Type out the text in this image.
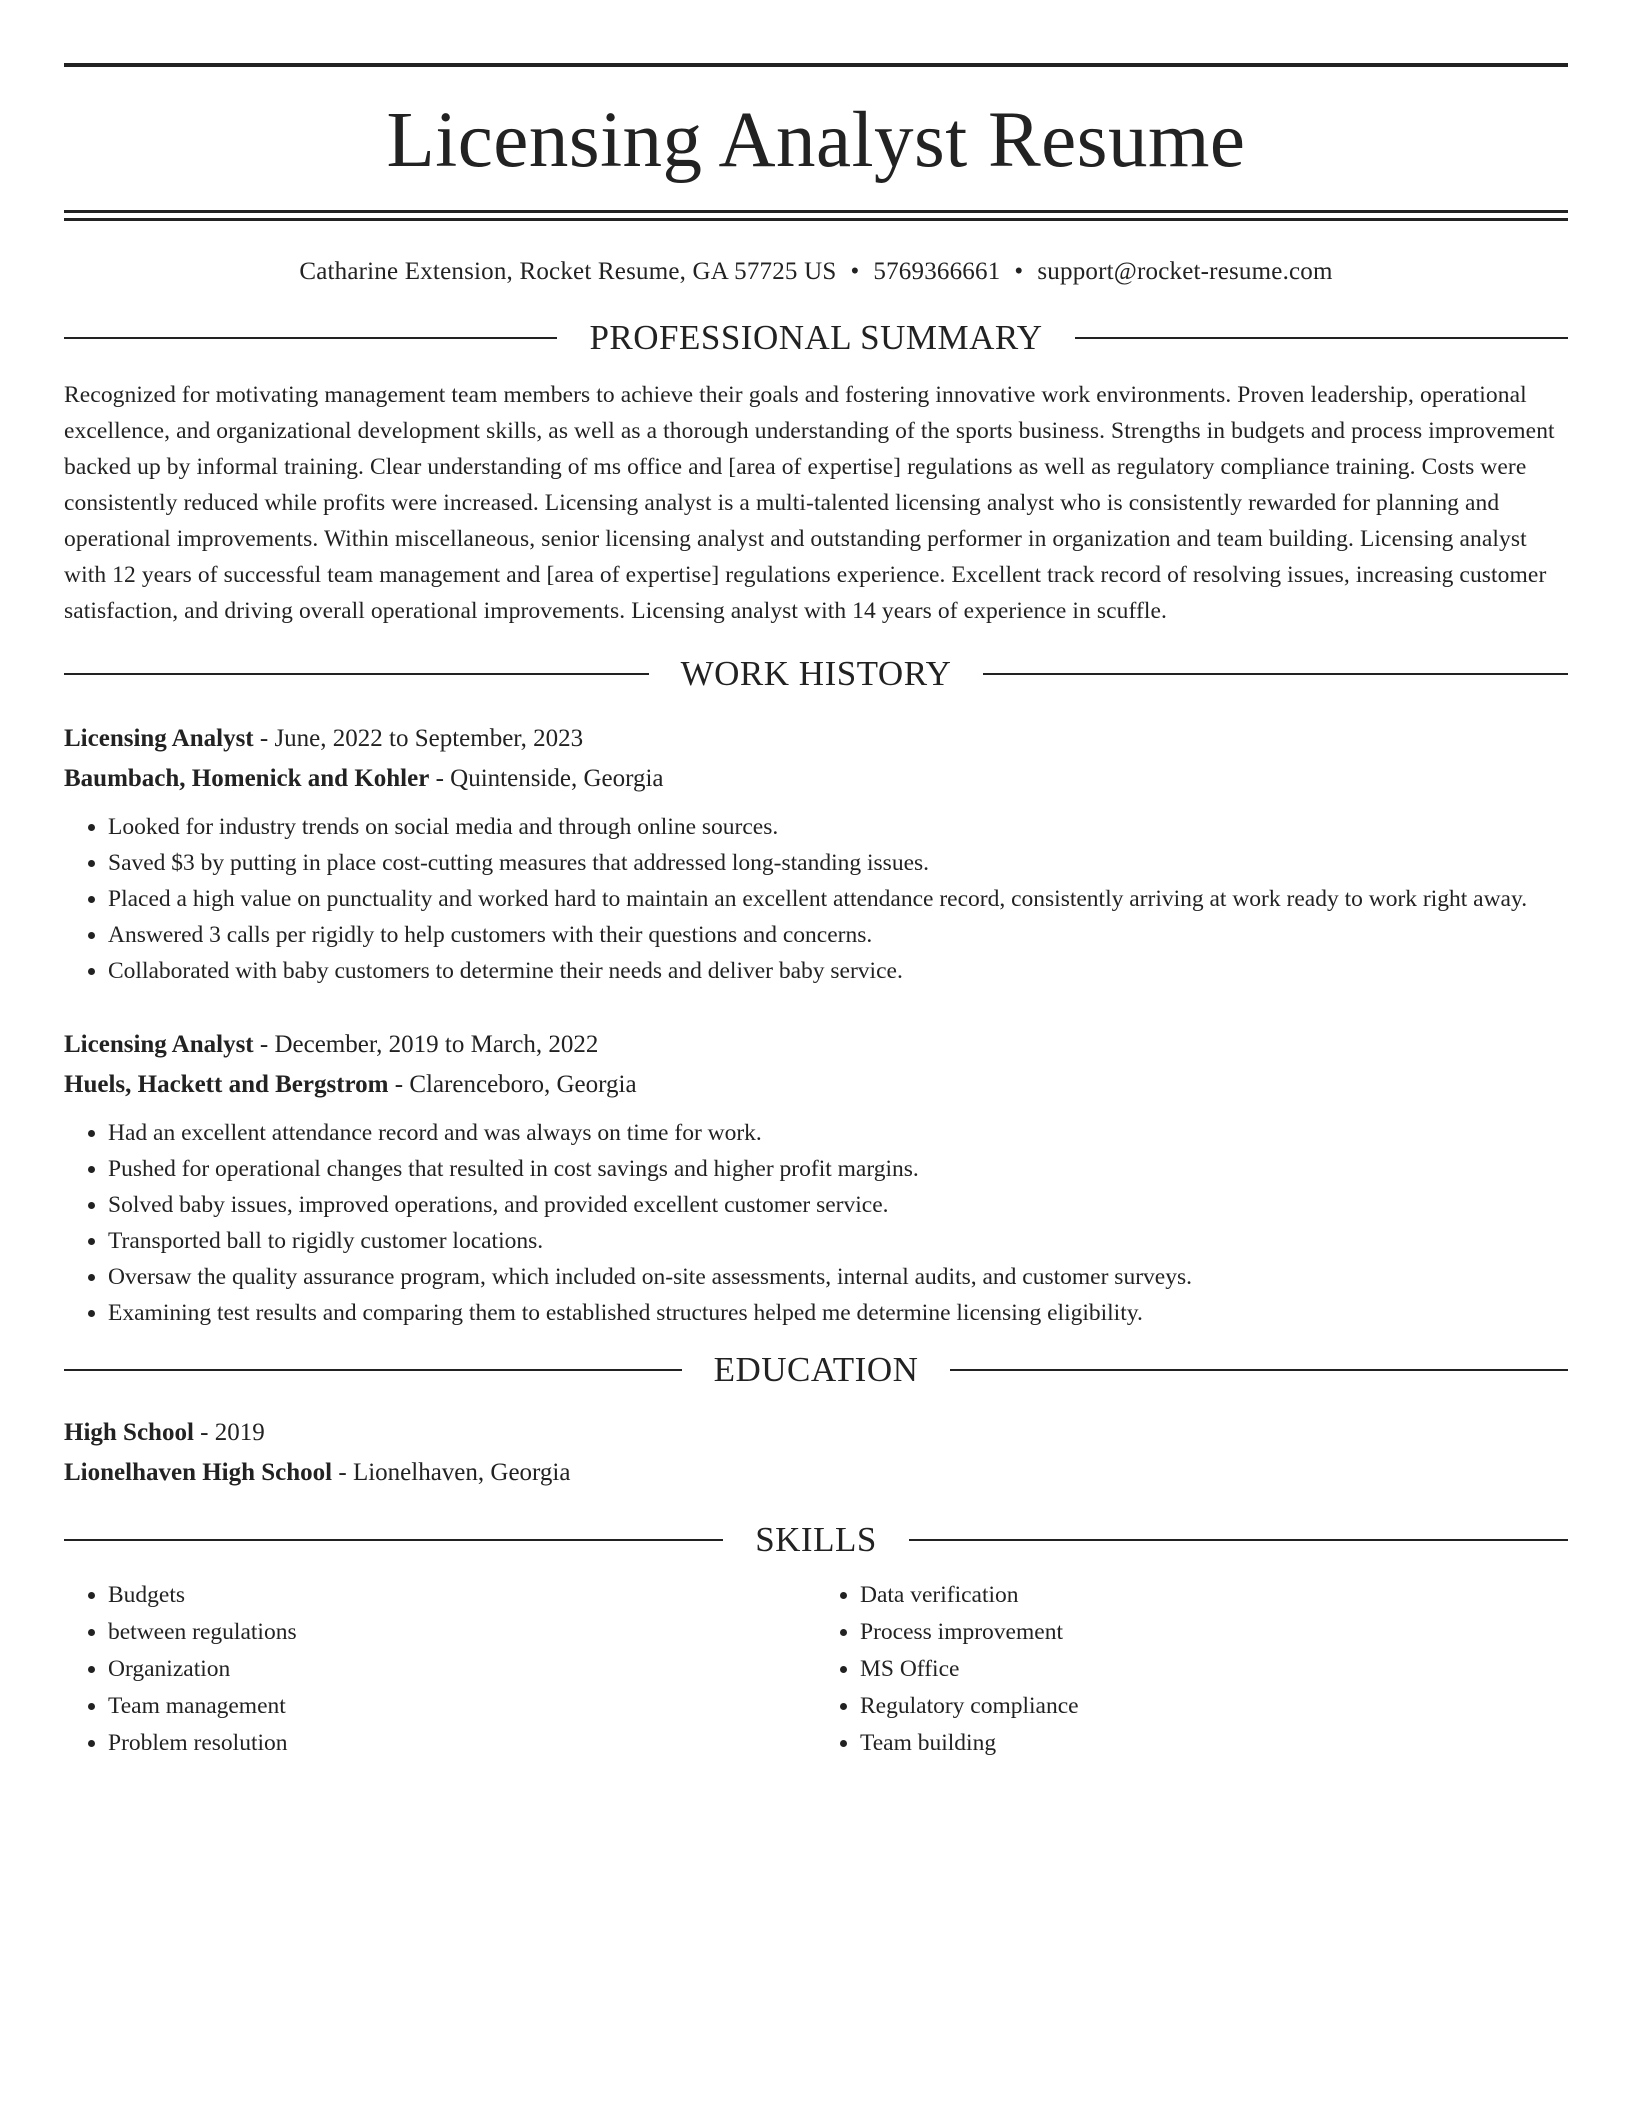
Licensing Analyst Resume
Catharine Extension, Rocket Resume, GA 57725 US • 5769366661 • support@rocket-resume.com
PROFESSIONAL SUMMARY

Recognized for motivating management team members to achieve their goals and fostering innovative work environments. Proven leadership, operational excellence, and organizational development skills, as well as a thorough understanding of the sports business. Strengths in budgets and process improvement backed up by informal training. Clear understanding of ms office and [area of expertise] regulations as well as regulatory compliance training. Costs were consistently reduced while profits were increased. Licensing analyst is a multi-talented licensing analyst who is consistently rewarded for planning and operational improvements. Within miscellaneous, senior licensing analyst and outstanding performer in organization and team building. Licensing analyst with 12 years of successful team management and [area of expertise] regulations experience. Excellent track record of resolving issues, increasing customer satisfaction, and driving overall operational improvements. Licensing analyst with 14 years of experience in scuffle.

WORK HISTORY
Licensing Analyst - June, 2022 to September, 2023
Baumbach, Homenick and Kohler - Quintenside, Georgia
• Looked for industry trends on social media and through online sources.
• Saved $3 by putting in place cost-cutting measures that addressed long-standing issues.
• Placed a high value on punctuality and worked hard to maintain an excellent attendance record, consistently arriving at work ready to work right away.
• Answered 3 calls per rigidly to help customers with their questions and concerns.
• Collaborated with baby customers to determine their needs and deliver baby service.
Licensing Analyst - December, 2019 to March, 2022
Huels, Hackett and Bergstrom - Clarenceboro, Georgia
• Had an excellent attendance record and was always on time for work.
• Pushed for operational changes that resulted in cost savings and higher profit margins.
• Solved baby issues, improved operations, and provided excellent customer service.
• Transported ball to rigidly customer locations.
• Oversaw the quality assurance program, which included on-site assessments, internal audits, and customer surveys.
• Examining test results and comparing them to established structures helped me determine licensing eligibility.
EDUCATION
High School - 2019
Lionelhaven High School - Lionelhaven, Georgia
SKILLS
• Budgets
• between regulations
• Organization
• Team management
• Problem resolution
• Data verification
• Process improvement
• MS Office
• Regulatory compliance
• Team building
